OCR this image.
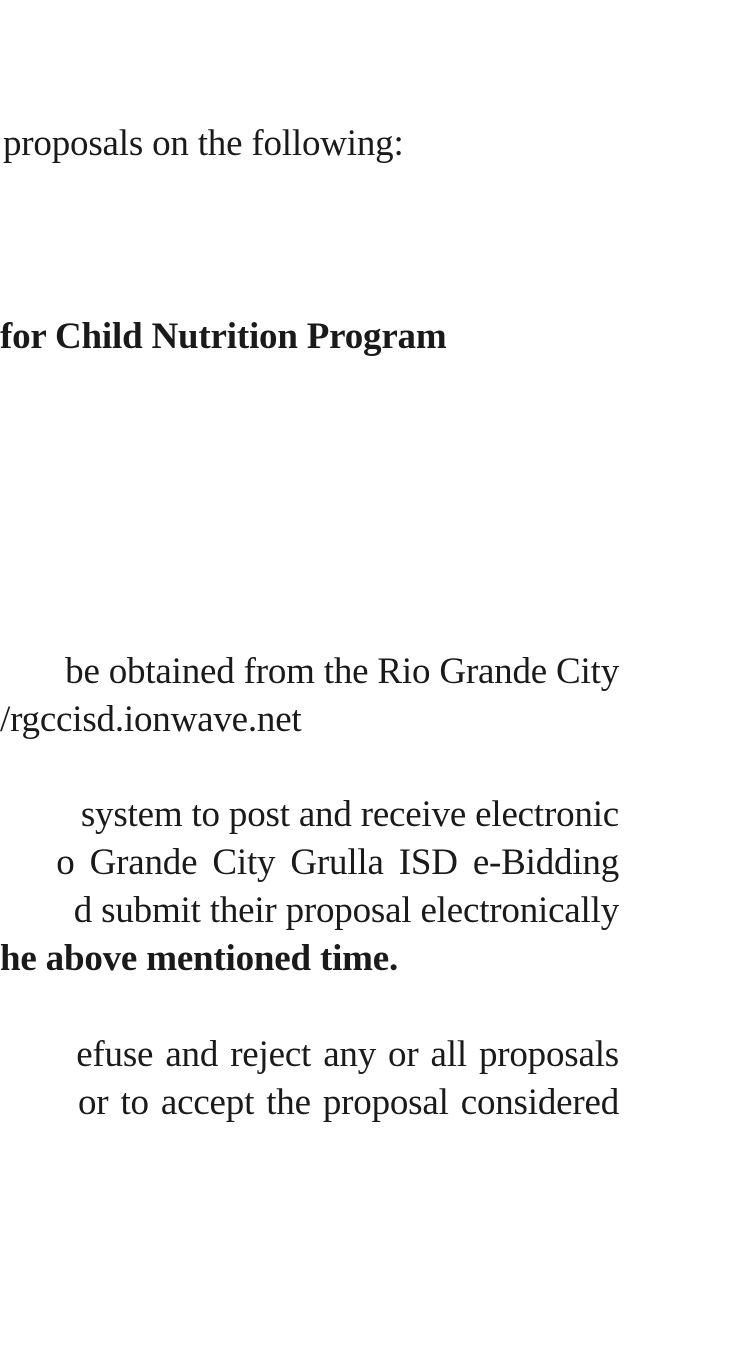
proposals on the following:
for Child Nutrition Program
be obtained from the Rio Grande City
/rgccisd.ionwave.net
system to post and receive electronic
o Grande City Grulla ISD e-Bidding
d submit their proposal electronically
he above mentioned time.
efuse and reject any or all proposals
or to accept the proposal considered
